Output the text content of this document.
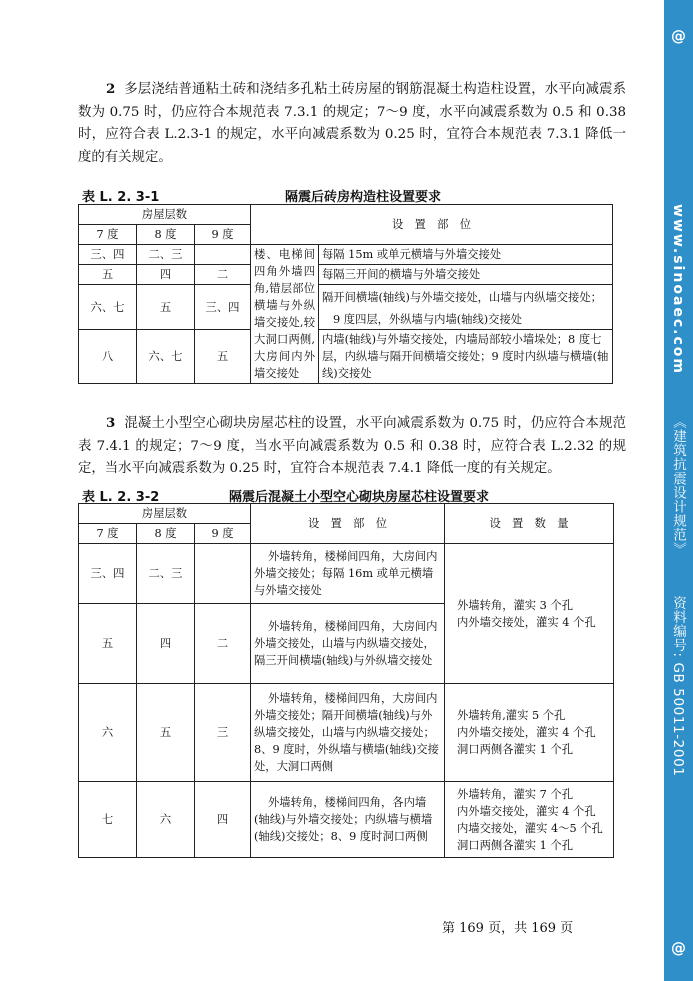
@
www.sinoaec.com《建筑抗震设计规范》资料编号: GB 50011-2001
@
2 多层浇结普通粘土砖和浇结多孔粘土砖房屋的钢筋混凝土构造柱设置，水平向减震系数为 0.75 时，仍应符合本规范表 7.3.1 的规定；7～9 度，水平向减震系数为 0.5 和 0.38 时，应符合表 L.2.3-1 的规定，水平向减震系数为 0.25 时，宜符合本规范表 7.3.1 降低一度的有关规定。
表 L. 2. 3-1	隔震后砖房构造柱设置要求
房屋层数			设　置　部　位	
7 度	8 度	9 度		
三、四	二、三		楼、电梯间四角外墙四角,错层部位横墙与外纵墙交接处,较大洞口两侧,大房间内外墙交接处	每隔 15m 或单元横墙与外墙交接处
五	四	二		每隔三开间的横墙与外墙交接处
六、七	五	三、四		隔开间横墙(轴线)与外墙交接处，山墙与内纵墙交接处；
				9 度四层，外纵墙与内墙(轴线)交接处
八	六、七	五		内墙(轴线)与外墙交接处，内墙局部较小墙垛处；8 度七层，内纵墙与隔开间横墙交接处；9 度时内纵墙与横墙(轴线)交接处
3 混凝土小型空心砌块房屋芯柱的设置，水平向减震系数为 0.75 时，仍应符合本规范表 7.4.1 的规定；7～9 度，当水平向减震系数为 0.5 和 0.38 时，应符合表 L.2.32 的规定，当水平向减震系数为 0.25 时，宜符合本规范表 7.4.1 降低一度的有关规定。
表 L. 2. 3-2	隔震后混凝土小型空心砌块房屋芯柱设置要求
房屋层数			设　置　部　位	设　置　数　量
7 度	8 度	9 度		
三、四	二、三		外墙转角，楼梯间四角，大房间内外墙交接处；每隔 16m 或单元横墙与外墙交接处	外墙转角，灌实 3 个孔
内外墙交接处，灌实 4 个孔
五	四	二	外墙转角，楼梯间四角，大房间内外墙交接处，山墙与内纵墙交接处，隔三开间横墙(轴线)与外纵墙交接处	
六	五	三	外墙转角，楼梯间四角，大房间内外墙交接处；隔开间横墙(轴线)与外纵墙交接处，山墙与内纵墙交接处；8、9 度时，外纵墙与横墙(轴线)交接处，大洞口两侧	外墙转角,灌实 5 个孔
内外墙交接处，灌实 4 个孔
洞口两侧各灌实 1 个孔
七	六	四	外墙转角，楼梯间四角，各内墙(轴线)与外墙交接处；内纵墙与横墙(轴线)交接处；8、9 度时洞口两侧	外墙转角，灌实 7 个孔
内外墙交接处，灌实 4 个孔
内墙交接处，灌实 4～5 个孔
洞口两侧各灌实 1 个孔
第 169 页，共 169 页
